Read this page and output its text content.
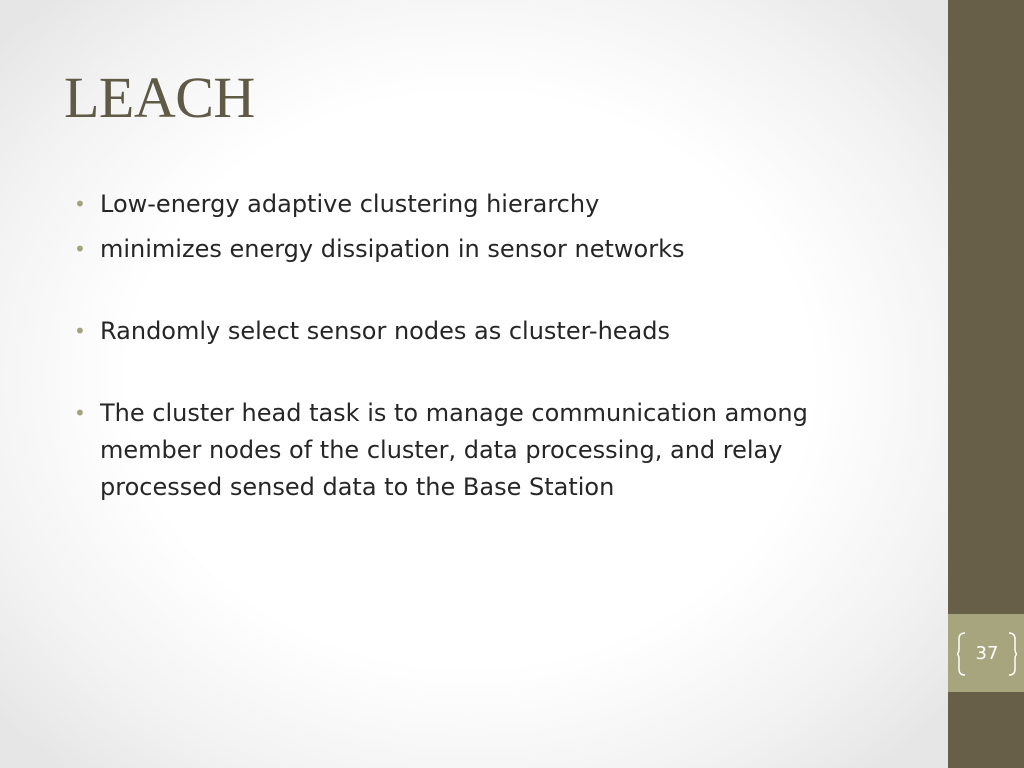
LEACH
• Low-energy adaptive clustering hierarchy
• minimizes energy dissipation in sensor networks
• Randomly select sensor nodes as cluster-heads
• The cluster head task is to manage communication among member nodes of the cluster, data processing, and relay processed sensed data to the Base Station
37
